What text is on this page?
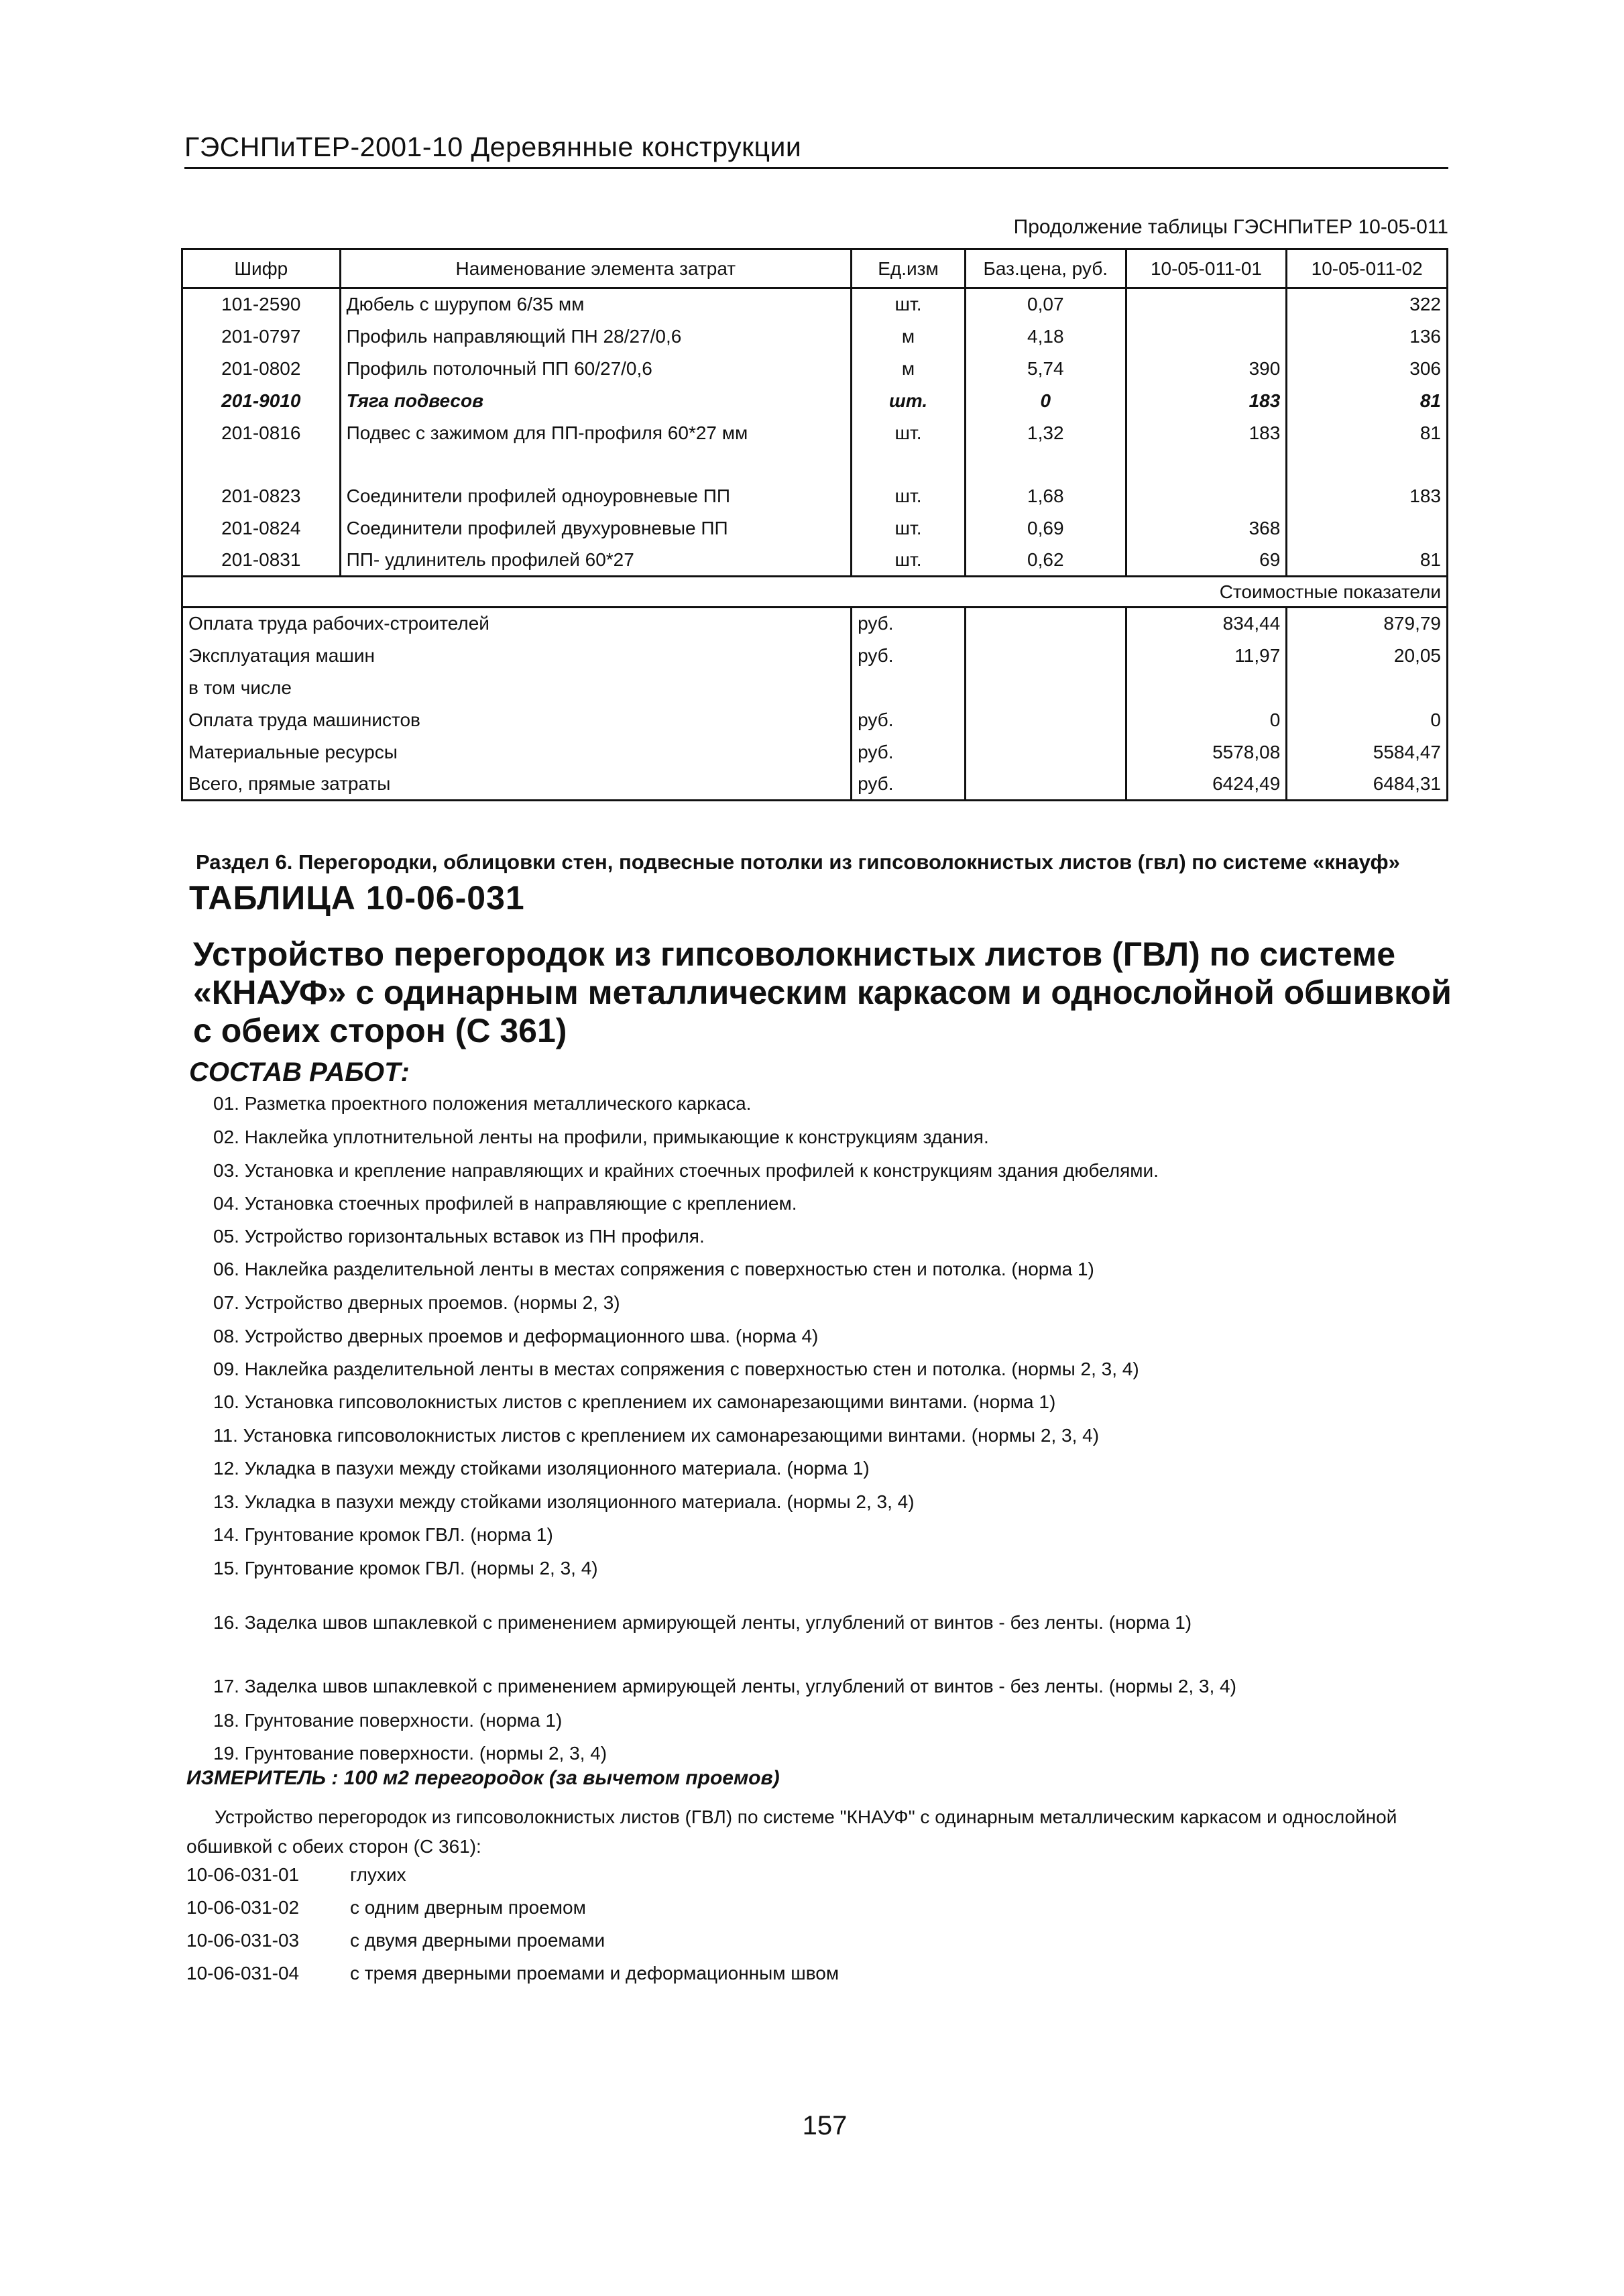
ГЭСНПиТЕР-2001-10 Деревянные конструкции
Продолжение таблицы ГЭСНПиТЕР 10-05-011
Шифр	Наименование элемента затрат	Ед.изм	Баз.цена, руб.	10-05-011-01	10-05-011-02
101-2590	Дюбель с шурупом 6/35 мм	шт.	0,07		322
201-0797	Профиль направляющий ПН 28/27/0,6	м	4,18		136
201-0802	Профиль потолочный ПП 60/27/0,6	м	5,74	390	306
201-9010	Тяга подвесов	шт.	0	183	81
201-0816	Подвес с зажимом для ПП-профиля 60*27 мм	шт.	1,32	183	81

201-0823	Соединители профилей одноуровневые ПП	шт.	1,68		183
201-0824	Соединители профилей двухуровневые ПП	шт.	0,69	368	
201-0831	ПП- удлинитель профилей 60*27	шт.	0,62	69	81
Стоимостные показатели					
Оплата труда рабочих-строителей		руб.		834,44	879,79
Эксплуатация машин		руб.		11,97	20,05
в том числе					
Оплата труда машинистов		руб.		0	0
Материальные ресурсы		руб.		5578,08	5584,47
Всего, прямые затраты		руб.		6424,49	6484,31
Раздел 6. Перегородки, облицовки стен, подвесные потолки из гипсоволокнистых листов (гвл) по системе «кнауф»
ТАБЛИЦА 10-06-031
Устройство перегородок из гипсоволокнистых листов (ГВЛ) по системе «КНАУФ» с одинарным металлическим каркасом и однослойной обшивкой с обеих сторон (С 361)
СОСТАВ РАБОТ:
01. Разметка проектного положения металлического каркаса.
02. Наклейка уплотнительной ленты на профили, примыкающие к конструкциям здания.
03. Установка и крепление направляющих и крайних стоечных профилей к конструкциям здания дюбелями.
04. Установка стоечных профилей в направляющие с креплением.
05. Устройство горизонтальных вставок из ПН профиля.
06. Наклейка разделительной ленты в местах сопряжения с поверхностью стен и потолка. (норма 1)
07. Устройство дверных проемов. (нормы 2, 3)
08. Устройство дверных проемов и деформационного шва. (норма 4)
09. Наклейка разделительной ленты в местах сопряжения с поверхностью стен и потолка. (нормы 2, 3, 4)
10. Установка гипсоволокнистых листов с креплением их самонарезающими винтами. (норма 1)
11. Установка гипсоволокнистых листов с креплением их самонарезающими винтами. (нормы 2, 3, 4)
12. Укладка в пазухи между стойками изоляционного материала. (норма 1)
13. Укладка в пазухи между стойками изоляционного материала. (нормы 2, 3, 4)
14. Грунтование кромок ГВЛ. (норма 1)
15. Грунтование кромок ГВЛ. (нормы 2, 3, 4)
16. Заделка швов шпаклевкой с применением армирующей ленты, углублений от винтов - без ленты. (норма 1)
17. Заделка швов шпаклевкой с применением армирующей ленты, углублений от винтов - без ленты. (нормы 2, 3, 4)
18. Грунтование поверхности. (норма 1)
19. Грунтование поверхности. (нормы 2, 3, 4)
ИЗМЕРИТЕЛЬ : 100 м2 перегородок (за вычетом проемов)
Устройство перегородок из гипсоволокнистых листов (ГВЛ) по системе "КНАУФ" с одинарным металлическим каркасом и однослойной обшивкой с обеих сторон (С 361):
10-06-031-01	глухих
10-06-031-02	с одним дверным проемом
10-06-031-03	с двумя дверными проемами
10-06-031-04	с тремя дверными проемами и деформационным швом
157
